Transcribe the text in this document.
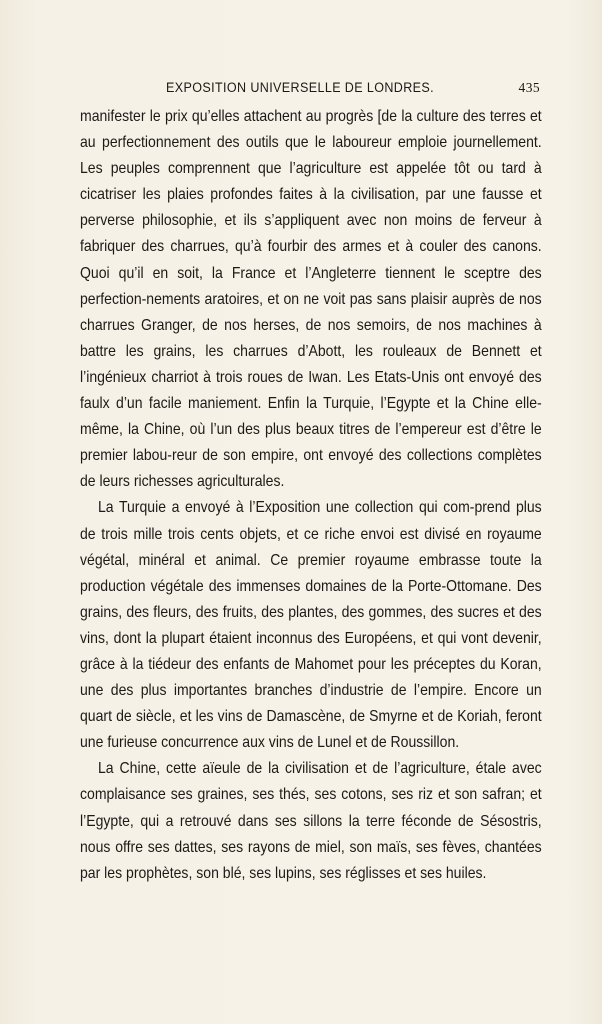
EXPOSITION UNIVERSELLE DE LONDRES.	435

manifester le prix qu’elles attachent au progrès [de la culture des terres et au perfectionnement des outils que le laboureur emploie journellement. Les peuples comprennent que l’agriculture est appelée tôt ou tard à cicatriser les plaies profondes faites à la civilisation, par une fausse et perverse philosophie, et ils s’appliquent avec non moins de ferveur à fabriquer des charrues, qu’à fourbir des armes et à couler des canons. Quoi qu’il en soit, la France et l’Angleterre tiennent le sceptre des perfection-nements aratoires, et on ne voit pas sans plaisir auprès de nos charrues Granger, de nos herses, de nos semoirs, de nos machines à battre les grains, les charrues d’Abott, les rouleaux de Bennett et l’ingénieux charriot à trois roues de Iwan. Les Etats-Unis ont envoyé des faulx d’un facile maniement. Enfin la Turquie, l’Egypte et la Chine elle-même, la Chine, où l’un des plus beaux titres de l’empereur est d’être le premier labou-reur de son empire, ont envoyé des collections complètes de leurs richesses agriculturales.

La Turquie a envoyé à l’Exposition une collection qui com-prend plus de trois mille trois cents objets, et ce riche envoi est divisé en royaume végétal, minéral et animal. Ce premier royaume embrasse toute la production végétale des immenses domaines de la Porte-Ottomane. Des grains, des fleurs, des fruits, des plantes, des gommes, des sucres et des vins, dont la plupart étaient inconnus des Européens, et qui vont devenir, grâce à la tiédeur des enfants de Mahomet pour les préceptes du Koran, une des plus importantes branches d’industrie de l’empire. Encore un quart de siècle, et les vins de Damascène, de Smyrne et de Koriah, feront une furieuse concurrence aux vins de Lunel et de Roussillon.

La Chine, cette aïeule de la civilisation et de l’agriculture, étale avec complaisance ses graines, ses thés, ses cotons, ses riz et son safran; et l’Egypte, qui a retrouvé dans ses sillons la terre féconde de Sésostris, nous offre ses dattes, ses rayons de miel, son maïs, ses fèves, chantées par les prophètes, son blé, ses lupins, ses réglisses et ses huiles.
